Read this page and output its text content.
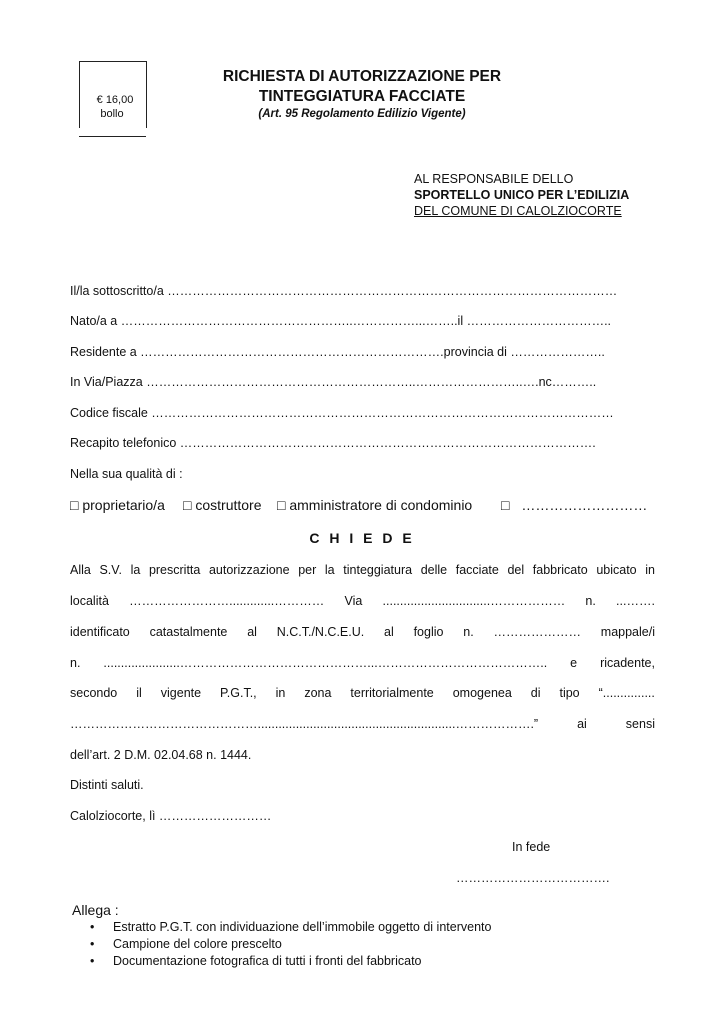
€ 16,00
bollo
RICHIESTA DI AUTORIZZAZIONE PER
TINTEGGIATURA FACCIATE
(Art. 95 Regolamento Edilizio Vigente)
AL RESPONSABILE DELLO
SPORTELLO UNICO PER L’EDILIZIA
DEL COMUNE DI CALOLZIOCORTE
Il/la sottoscritto/a ………………………………………………………………………………………………
Nato/a a ………………………………………………..……………...……..il ……………………………..
Residente a ……………………………………………………………….provincia di …………………..
In Via/Piazza ………………………………………………………..……………………..….nc………..
Codice fiscale …………………………………………………………………………………………………
Recapito telefonico ……………………………………………………………………………………….
Nella sua qualità di :
□ proprietario/a □ costruttore □ amministratore di condominio □ ………………………
C H I E D E
Alla S.V. la prescritta autorizzazione per la tinteggiatura delle facciate del fabbricato ubicato in
località …………………….............………… Via ...............................……………… n. ...…….
identificato catastalmente al N.C.T./N.C.E.U. al foglio n. ………………… mappale/i
n. ......................………………………………………...………………………………….. e ricadente,
secondo il vigente P.G.T., in zona territorialmente omogenea di tipo “...............
……………………………………….........................................................……………….”	ai	sensi
dell’art. 2 D.M. 02.04.68 n. 1444.
Distinti saluti.
Calolziocorte, lì ………………………
In fede
……………………………….
Allega :
• Estratto P.G.T. con individuazione dell’immobile oggetto di intervento
• Campione del colore prescelto
• Documentazione fotografica di tutti i fronti del fabbricato
